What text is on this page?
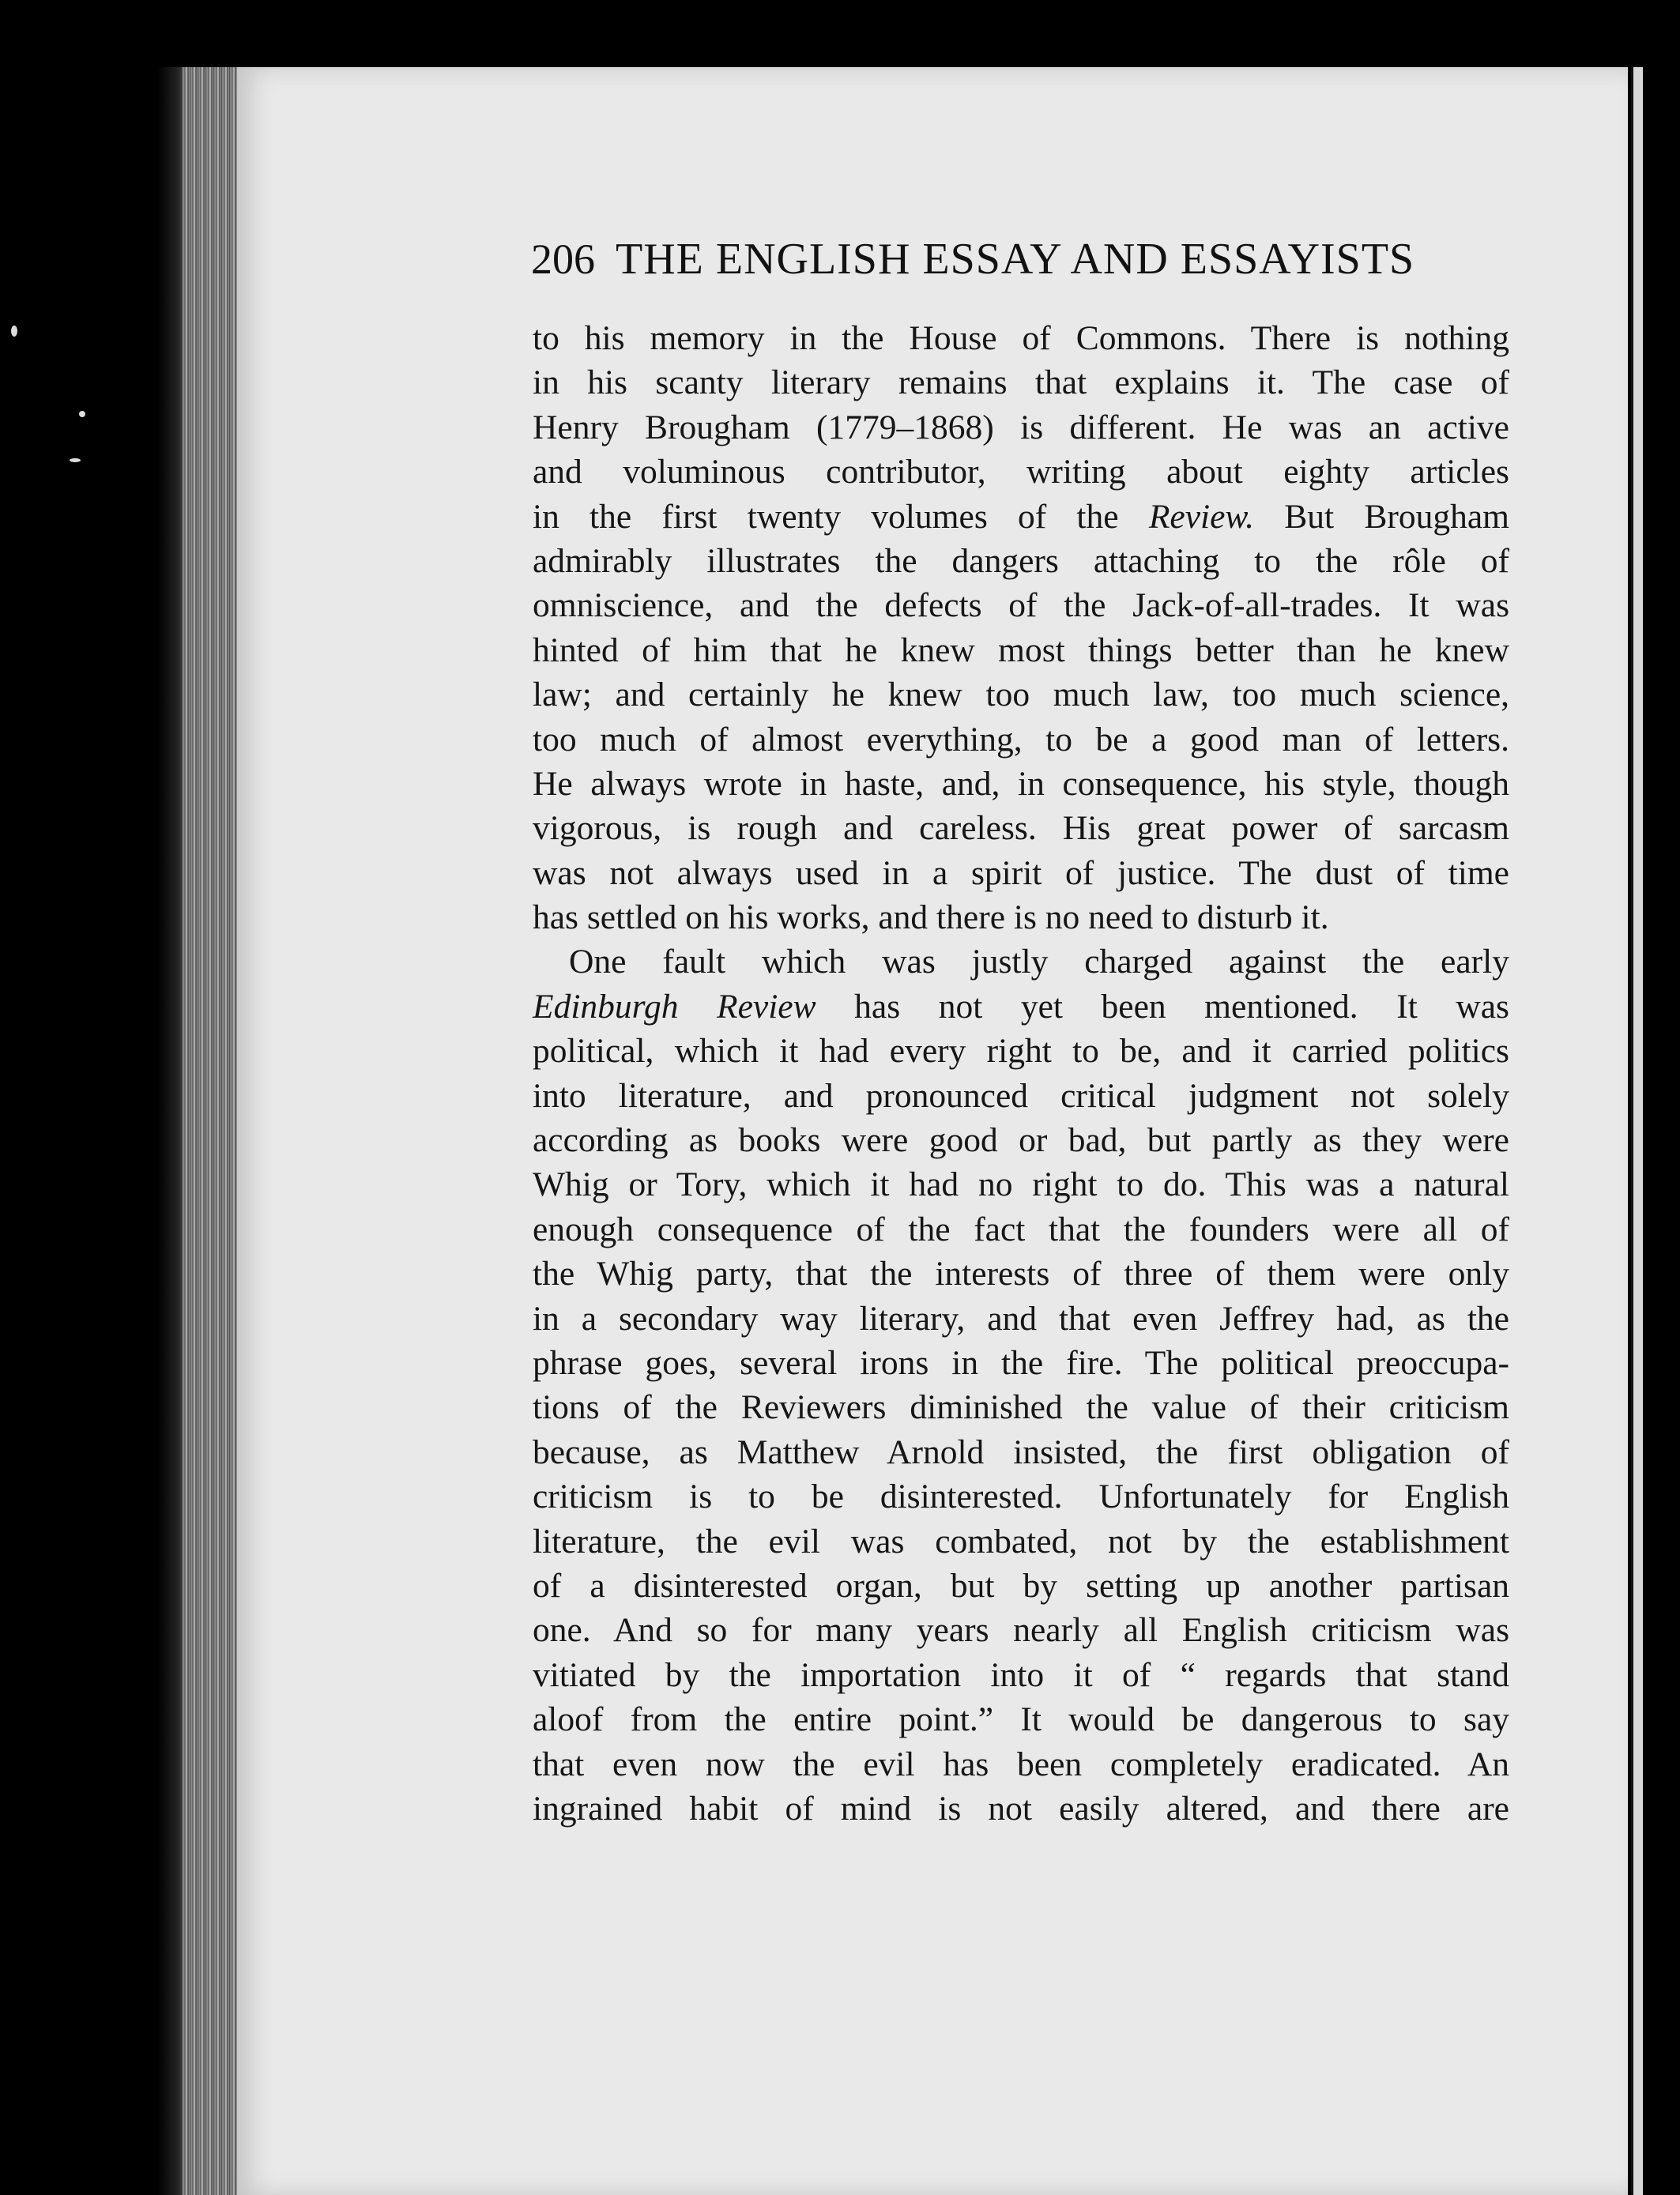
206 THE ENGLISH ESSAY AND ESSAYISTS
to his memory in the House of Commons. There is nothing
in his scanty literary remains that explains it. The case of
Henry Brougham (1779–1868) is different. He was an active
and voluminous contributor, writing about eighty articles
in the first twenty volumes of the Review. But Brougham
admirably illustrates the dangers attaching to the rôle of
omniscience, and the defects of the Jack-of-all-trades. It was
hinted of him that he knew most things better than he knew
law; and certainly he knew too much law, too much science,
too much of almost everything, to be a good man of letters.
He always wrote in haste, and, in consequence, his style, though
vigorous, is rough and careless. His great power of sarcasm
was not always used in a spirit of justice. The dust of time
has settled on his works, and there is no need to disturb it.
One fault which was justly charged against the early
Edinburgh Review has not yet been mentioned. It was
political, which it had every right to be, and it carried politics
into literature, and pronounced critical judgment not solely
according as books were good or bad, but partly as they were
Whig or Tory, which it had no right to do. This was a natural
enough consequence of the fact that the founders were all of
the Whig party, that the interests of three of them were only
in a secondary way literary, and that even Jeffrey had, as the
phrase goes, several irons in the fire. The political preoccupa-
tions of the Reviewers diminished the value of their criticism
because, as Matthew Arnold insisted, the first obligation of
criticism is to be disinterested. Unfortunately for English
literature, the evil was combated, not by the establishment
of a disinterested organ, but by setting up another partisan
one. And so for many years nearly all English criticism was
vitiated by the importation into it of “ regards that stand
aloof from the entire point.” It would be dangerous to say
that even now the evil has been completely eradicated. An
ingrained habit of mind is not easily altered, and there are
